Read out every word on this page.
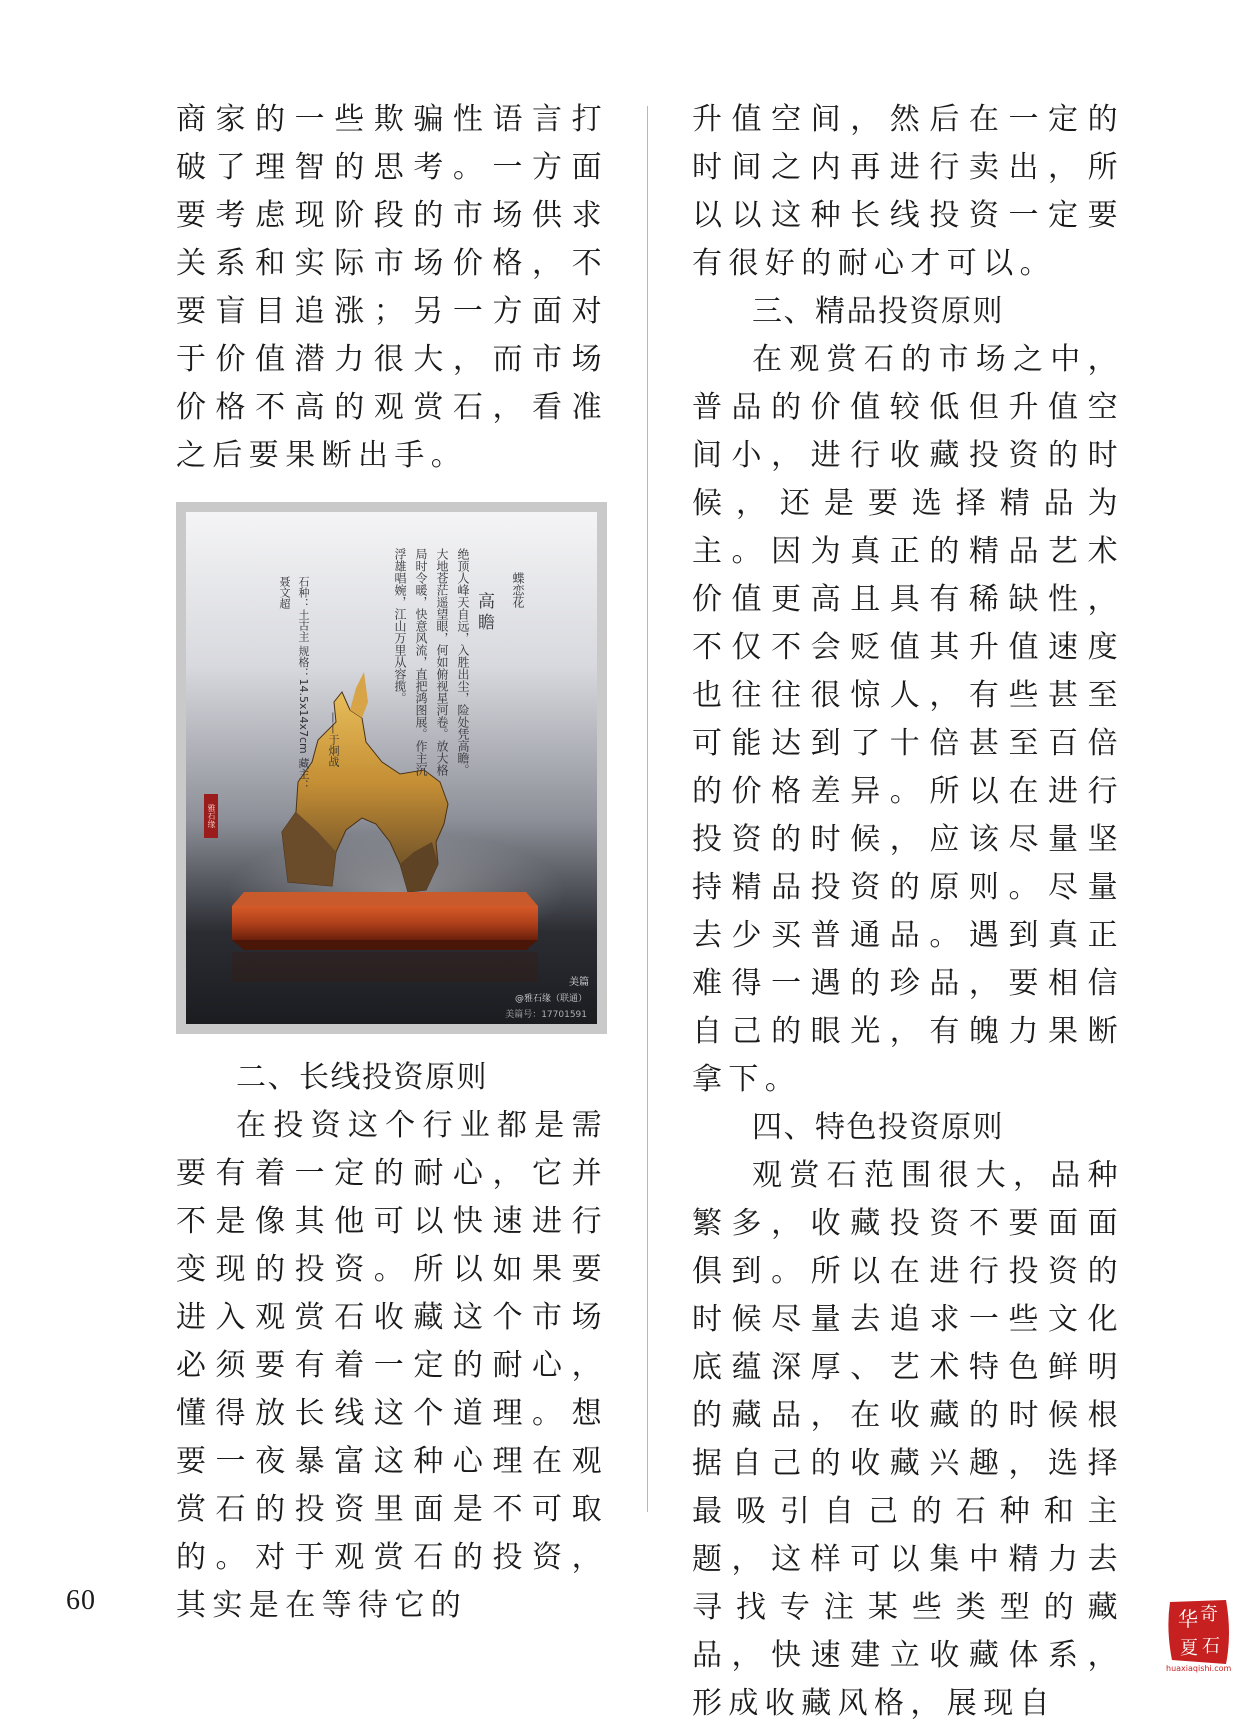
商家的一些欺骗性语言打破了理智的思考。一方面要考虑现阶段的市场供求关系和实际市场价格，不要盲目追涨；另一方面对于价值潜力很大，而市场价格不高的观赏石，看准之后要果断出手。

蝶恋花
高瞻
绝顶人峰天自远，入胜出尘，险处凭高瞻。大地苍茫遥望眼，何如俯视星河卷。放大格局时令暖，快意风流，直把鸿图展。作主沉浮雄唱婉，江山万里从容揽。
——于炯战
石种：土古主 规格：14.5x14x7cm 藏主：聂文超
雅石缘
美篇
@雅石缘（联通）
美篇号：17701591
二、长线投资原则

在投资这个行业都是需要有着一定的耐心，它并不是像其他可以快速进行变现的投资。所以如果要进入观赏石收藏这个市场必须要有着一定的耐心，懂得放长线这个道理。想要一夜暴富这种心理在观赏石的投资里面是不可取的。对于观赏石的投资，其实是在等待它的

升值空间，然后在一定的时间之内再进行卖出，所以以这种长线投资一定要有很好的耐心才可以。

三、精品投资原则

在观赏石的市场之中，普品的价值较低但升值空间小，进行收藏投资的时候，还是要选择精品为主。因为真正的精品艺术价值更高且具有稀缺性，不仅不会贬值其升值速度也往往很惊人，有些甚至可能达到了十倍甚至百倍的价格差异。所以在进行投资的时候，应该尽量坚持精品投资的原则。尽量去少买普通品。遇到真正难得一遇的珍品，要相信自己的眼光，有魄力果断拿下。

四、特色投资原则

观赏石范围很大，品种繁多，收藏投资不要面面俱到。所以在进行投资的时候尽量去追求一些文化底蕴深厚、艺术特色鲜明的藏品，在收藏的时候根据自己的收藏兴趣，选择最吸引自己的石种和主题，这样可以集中精力去寻找专注某些类型的藏品，快速建立收藏体系，形成收藏风格，展现自

60
华 奇
夏 石
huaxiaqishi.com
